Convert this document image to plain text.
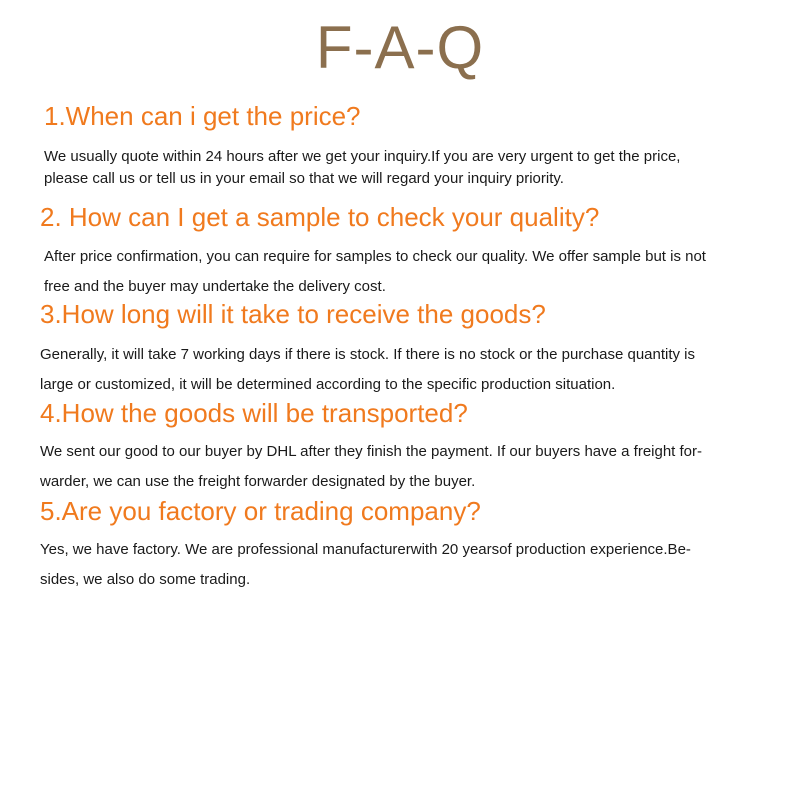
F-A-Q
1.When can i get the price?
We usually quote within 24 hours after we get your inquiry.If you are very urgent to get the price,
please call us or tell us in your email so that we will regard your inquiry priority.
2. How can I get a sample to check your quality?
After price confirmation, you can require for samples to check our quality. We offer sample but is not
free and the buyer may undertake the delivery cost.
3.How long will it take to receive the goods?
Generally, it will take 7 working days if there is stock. If there is no stock or the purchase quantity is
large or customized, it will be determined according to the specific production situation.
4.How the goods will be transported?
We sent our good to our buyer by DHL after they finish the payment. If our buyers have a freight for-
warder, we can use the freight forwarder designated by the buyer.
5.Are you factory or trading company?
Yes, we have factory. We are professional manufacturerwith 20 yearsof production experience.Be-
sides, we also do some trading.
